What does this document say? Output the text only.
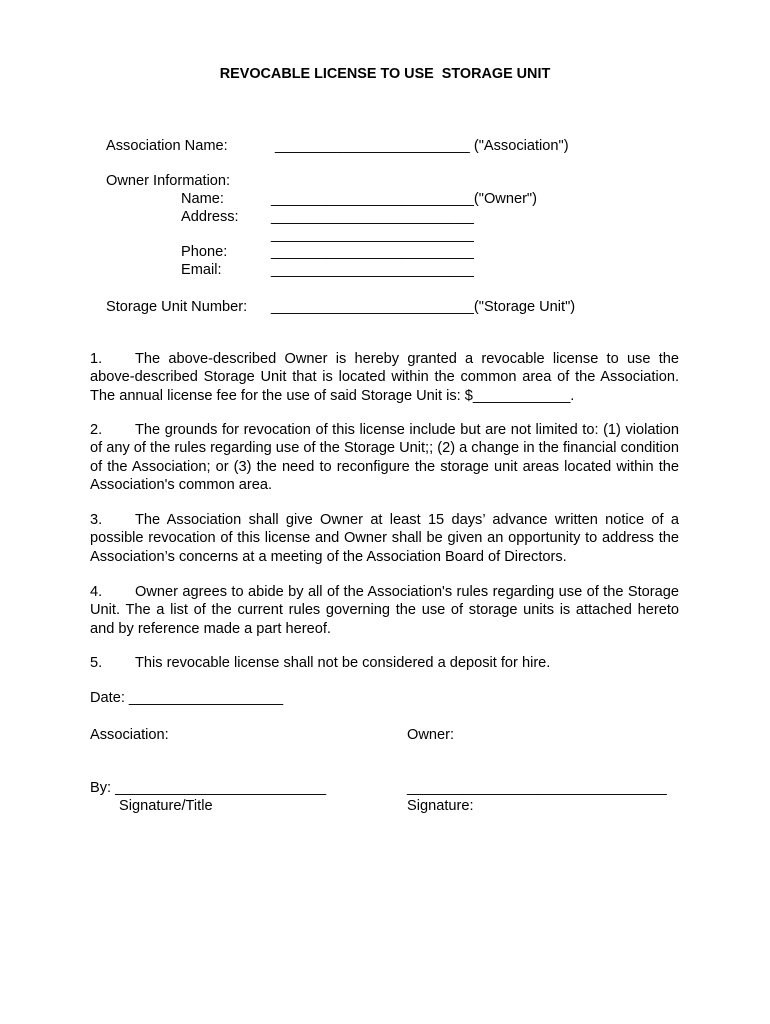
REVOCABLE LICENSE TO USE  STORAGE UNIT
Association Name:	________________________ ("Association")
Owner Information:
Name:	_________________________("Owner")
Address: _________________________
_________________________
Phone:	_________________________
Email:	_________________________
Storage Unit Number: _________________________("Storage Unit")
1. The above-described Owner is hereby granted a revocable license to use the above-described Storage Unit that is located within the common area of the Association. The annual license fee for the use of said Storage Unit is: $____________.
2. The grounds for revocation of this license include but are not limited to: (1) violation of any of the rules regarding use of the Storage Unit;; (2) a change in the financial condition of the Association; or (3) the need to reconfigure the storage unit areas located within the Association's common area.
3. The Association shall give Owner at least 15 days’ advance written notice of a possible revocation of this license and Owner shall be given an opportunity to address the Association’s concerns at a meeting of the Association Board of Directors.
4. Owner agrees to abide by all of the Association's rules regarding use of the Storage Unit. The a list of the current rules governing the use of storage units is attached hereto and by reference made a part hereof.
5. This revocable license shall not be considered a deposit for hire.
Date: ___________________
Association:	Owner:
By: __________________________	________________________________
Signature/Title	Signature:
